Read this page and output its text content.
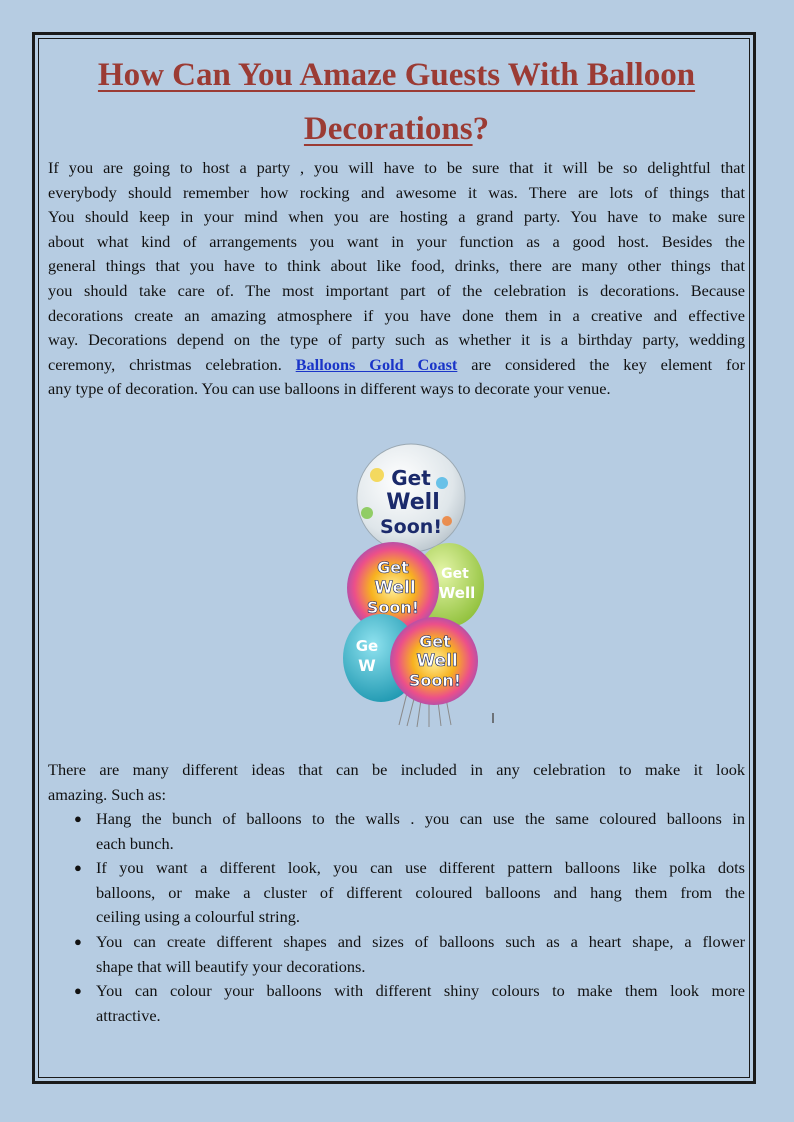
How Can You Amaze Guests With Balloon
Decorations?

If you are going to host a party , you will have to be sure that it will be so delightful that
everybody should remember how rocking and awesome it was. There are lots of things that
You should keep in your mind when you are hosting a grand party. You have to make sure
about what kind of arrangements you want in your function as a good host. Besides the
general things that you have to think about like food, drinks, there are many other things that
you should take care of. The most important part of the celebration is decorations. Because
decorations create an amazing atmosphere if you have done them in a creative and effective
way. Decorations depend on the type of party such as whether it is a birthday party, wedding
ceremony, christmas celebration. Balloons Gold Coast are considered the key element for
any type of decoration. You can use balloons in different ways to decorate your venue.

Get
Well
Soon!
Get
Well
Get
Well
Soon!
Ge
W
Get
Well
Soon!

There are many different ideas that can be included in any celebration to make it look
amazing. Such as:

● Hang the bunch of balloons to the walls . you can use the same coloured balloons in
each bunch.
● If you want a different look, you can use different pattern balloons like polka dots
balloons, or make a cluster of different coloured balloons and hang them from the
ceiling using a colourful string.
● You can create different shapes and sizes of balloons such as a heart shape, a flower
shape that will beautify your decorations.
● You can colour your balloons with different shiny colours to make them look more
attractive.
